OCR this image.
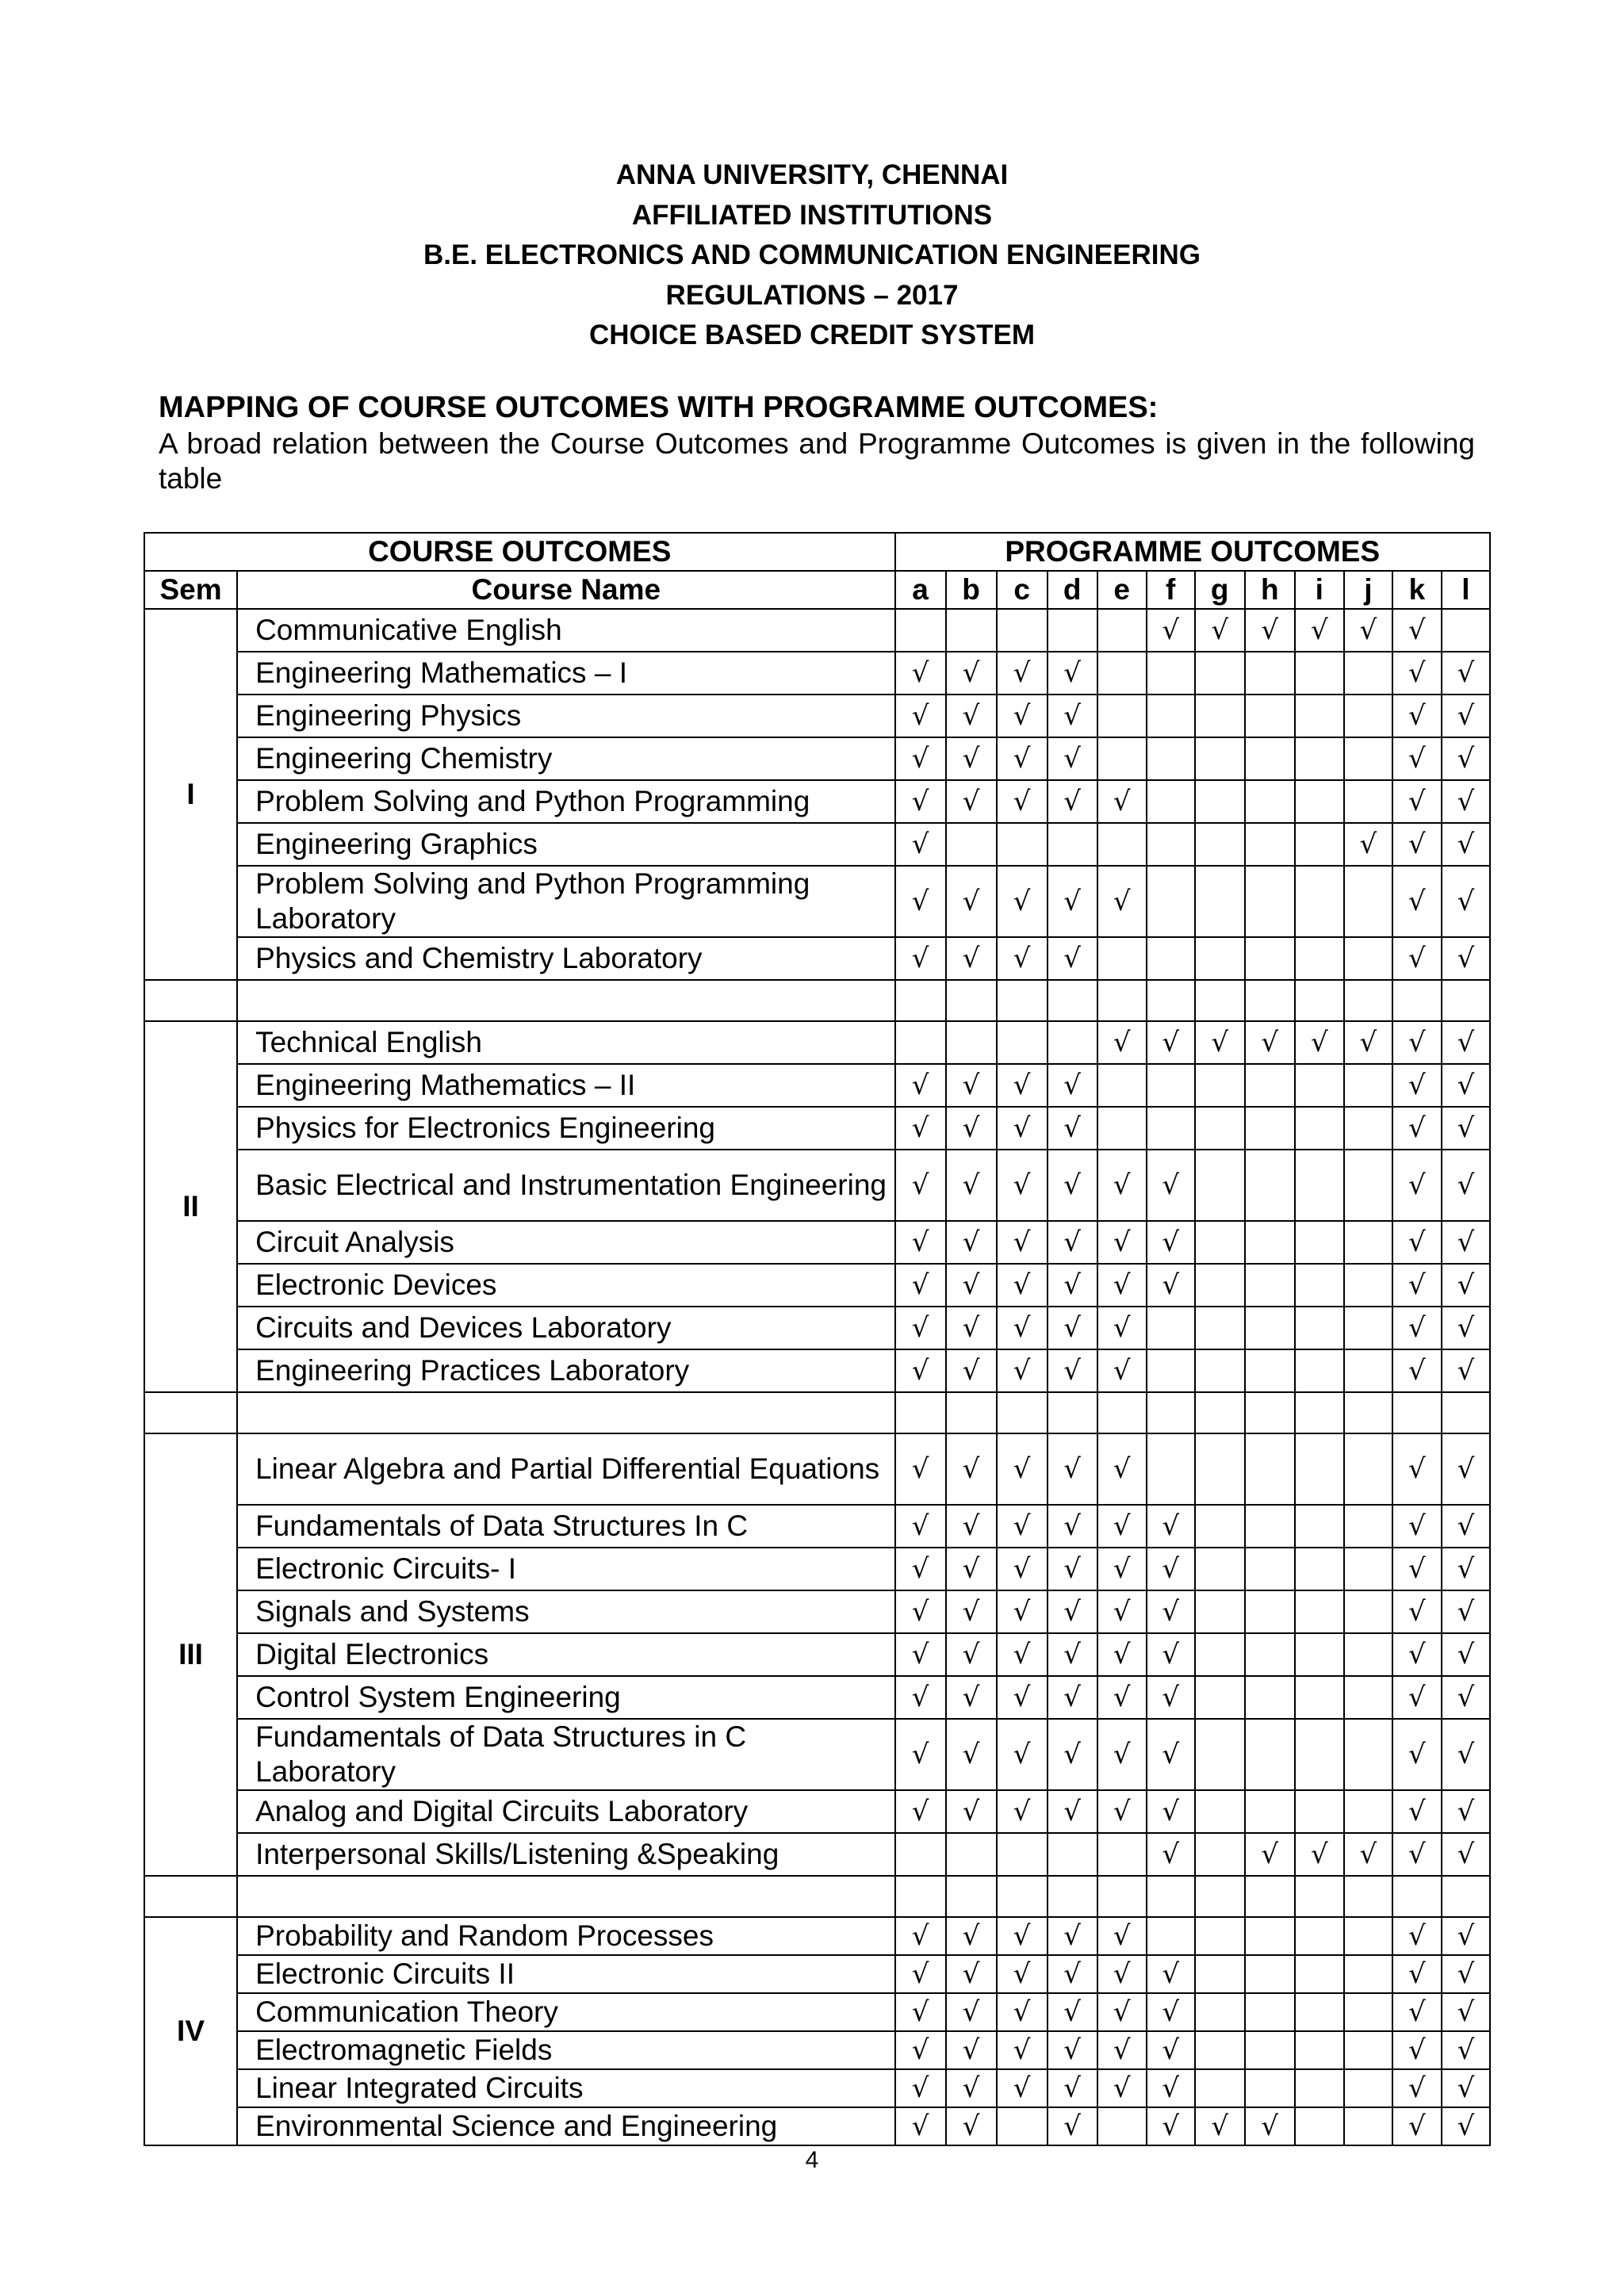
ANNA UNIVERSITY, CHENNAI
AFFILIATED INSTITUTIONS
B.E. ELECTRONICS AND COMMUNICATION ENGINEERING
REGULATIONS – 2017
CHOICE BASED CREDIT SYSTEM
MAPPING OF COURSE OUTCOMES WITH PROGRAMME OUTCOMES:
A broad relation between the Course Outcomes and Programme Outcomes is given in the following table
COURSE OUTCOMES		PROGRAMME OUTCOMES											
Sem	Course Name	a	b	c	d	e	f	g	h	i	j	k	l
I	Communicative English						√	√	√	√	√	√	
	Engineering Mathematics – I	√	√	√	√							√	√
	Engineering Physics	√	√	√	√							√	√
	Engineering Chemistry	√	√	√	√							√	√
	Problem Solving and Python Programming	√	√	√	√	√						√	√
	Engineering Graphics	√									√	√	√
	Problem Solving and Python Programming Laboratory	√	√	√	√	√						√	√
	Physics and Chemistry Laboratory	√	√	√	√							√	√

II	Technical English					√	√	√	√	√	√	√	√
	Engineering Mathematics – II	√	√	√	√							√	√
	Physics for Electronics Engineering	√	√	√	√							√	√
	Basic Electrical and Instrumentation Engineering	√	√	√	√	√	√					√	√
	Circuit Analysis	√	√	√	√	√	√					√	√
	Electronic Devices	√	√	√	√	√	√					√	√
	Circuits and Devices Laboratory	√	√	√	√	√						√	√
	Engineering Practices Laboratory	√	√	√	√	√						√	√

III	Linear Algebra and Partial Differential Equations	√	√	√	√	√						√	√
	Fundamentals of Data Structures In C	√	√	√	√	√	√					√	√
	Electronic Circuits- I	√	√	√	√	√	√					√	√
	Signals and Systems	√	√	√	√	√	√					√	√
	Digital Electronics	√	√	√	√	√	√					√	√
	Control System Engineering	√	√	√	√	√	√					√	√
	Fundamentals of Data Structures in C Laboratory	√	√	√	√	√	√					√	√
	Analog and Digital Circuits Laboratory	√	√	√	√	√	√					√	√
	Interpersonal Skills/Listening &Speaking						√		√	√	√	√	√

IV	Probability and Random Processes	√	√	√	√	√						√	√
	Electronic Circuits II	√	√	√	√	√	√					√	√
	Communication Theory	√	√	√	√	√	√					√	√
	Electromagnetic Fields	√	√	√	√	√	√					√	√
	Linear Integrated Circuits	√	√	√	√	√	√					√	√
	Environmental Science and Engineering	√	√		√		√	√	√			√	√
4
